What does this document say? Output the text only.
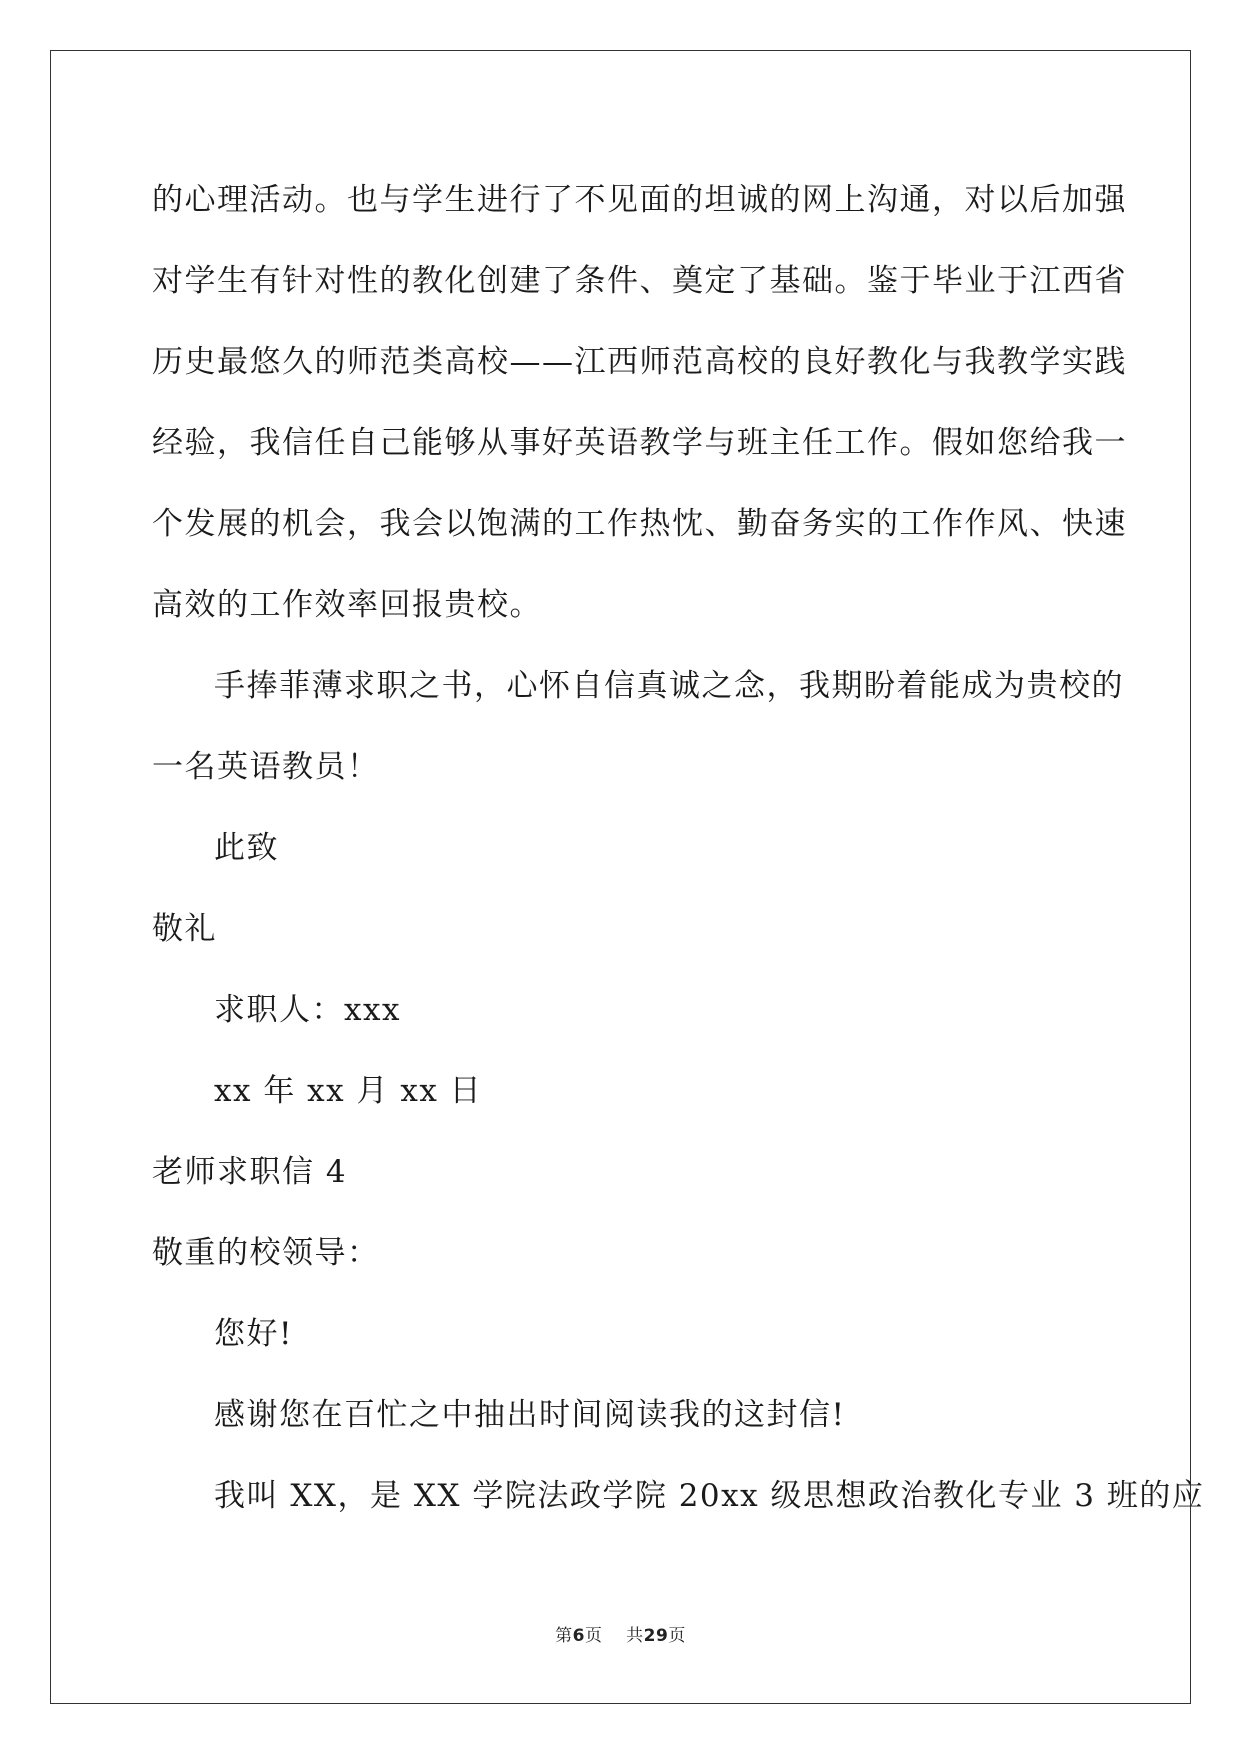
的心理活动。也与学生进行了不见面的坦诚的网上沟通，对以后加强
对学生有针对性的教化创建了条件、奠定了基础。鉴于毕业于江西省
历史最悠久的师范类高校——江西师范高校的良好教化与我教学实践
经验，我信任自己能够从事好英语教学与班主任工作。假如您给我一
个发展的机会，我会以饱满的工作热忱、勤奋务实的工作作风、快速
高效的工作效率回报贵校。
手捧菲薄求职之书，心怀自信真诚之念，我期盼着能成为贵校的
一名英语教员！
此致
敬礼
求职人：xxx
xx 年 xx 月 xx 日
老师求职信 4
敬重的校领导：
您好!
感谢您在百忙之中抽出时间阅读我的这封信!
我叫 XX，是 XX 学院法政学院 20xx 级思想政治教化专业 3 班的应
第6页 共29页
